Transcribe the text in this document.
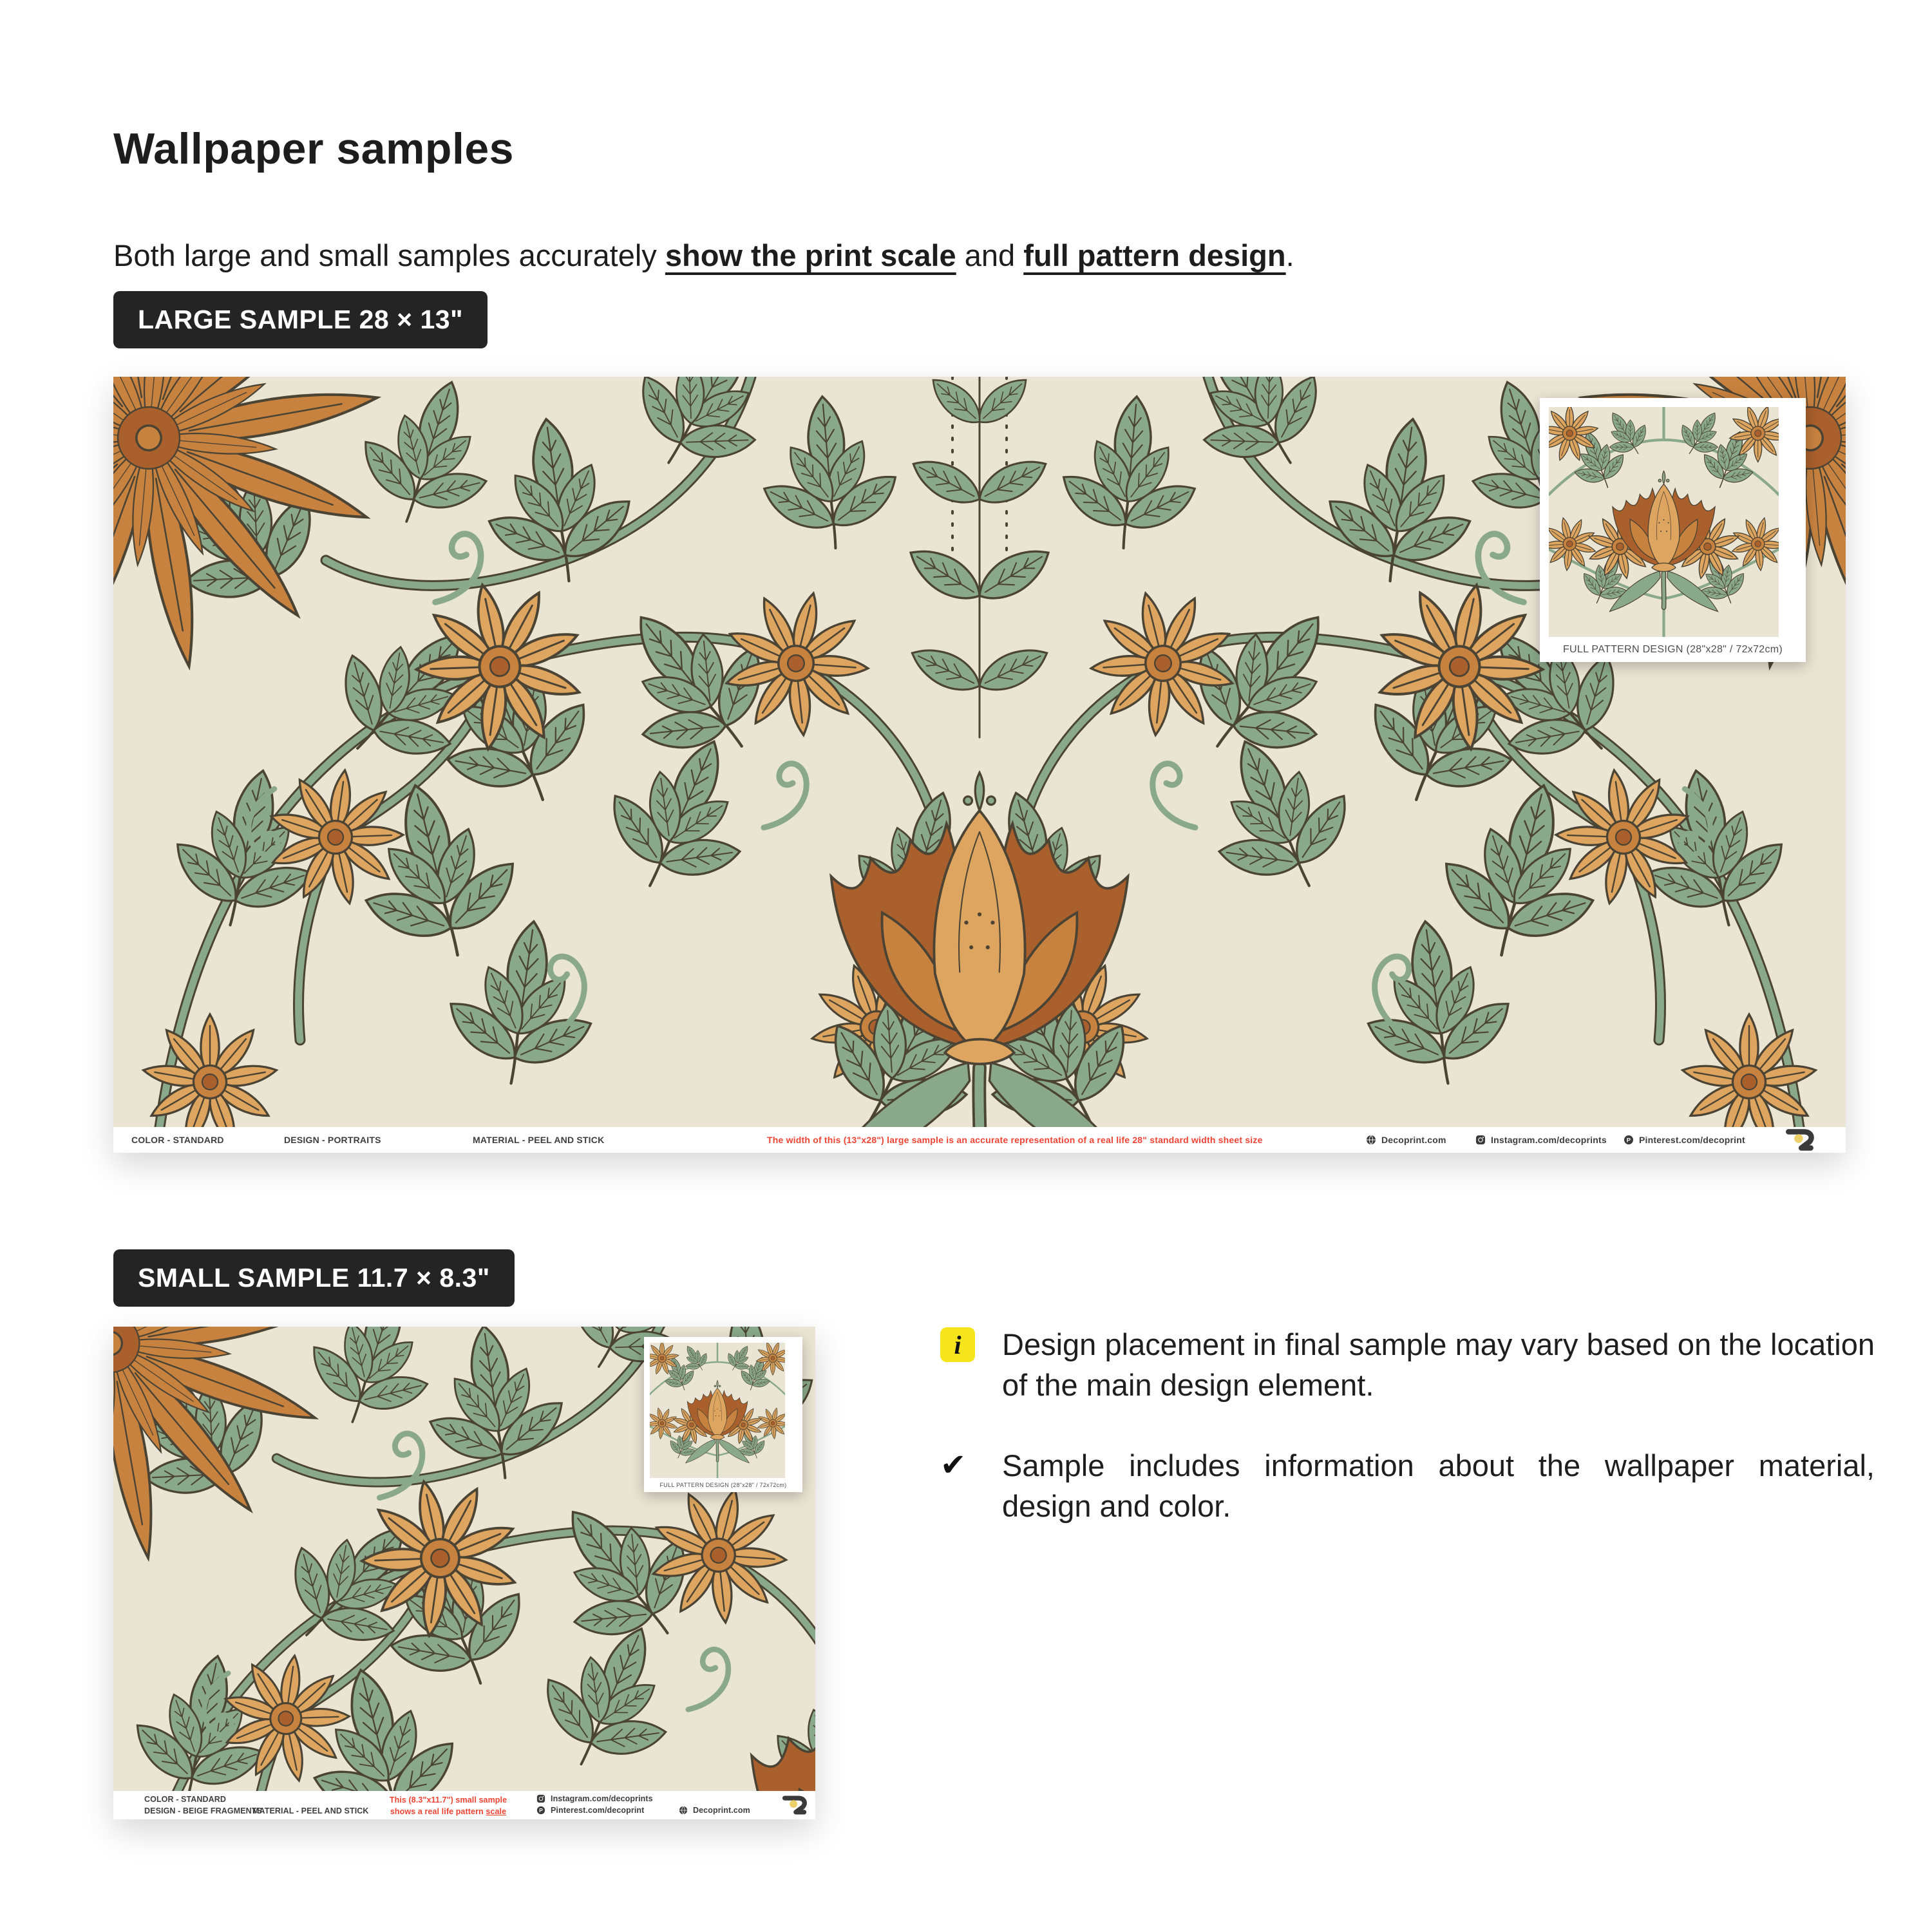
Wallpaper samples

Both large and small samples accurately show the print scale and full pattern design.

LARGE SAMPLE 28 × 13"
FULL PATTERN DESIGN (28"x28" / 72x72cm)
COLOR - STANDARD	DESIGN - PORTRAITS	MATERIAL - PEEL AND STICK	The width of this (13"x28") large sample is an accurate representation of a real life 28" standard width sheet size	Decoprint.com	Instagram.com/decoprints	Pinterest.com/decoprint
SMALL SAMPLE 11.7 × 8.3"
FULL PATTERN DESIGN (28"x28" / 72x72cm)
COLOR - STANDARD
DESIGN - BEIGE FRAGMENTS
MATERIAL - PEEL AND STICK
This (8.3"x11.7") small sample
shows a real life pattern scale
Instagram.com/decoprints
Pinterest.com/decoprint	Decoprint.com
i	Design placement in final sample may vary based on the location of the main design element.

✔ Sample includes information about the wallpaper material, design and color.
